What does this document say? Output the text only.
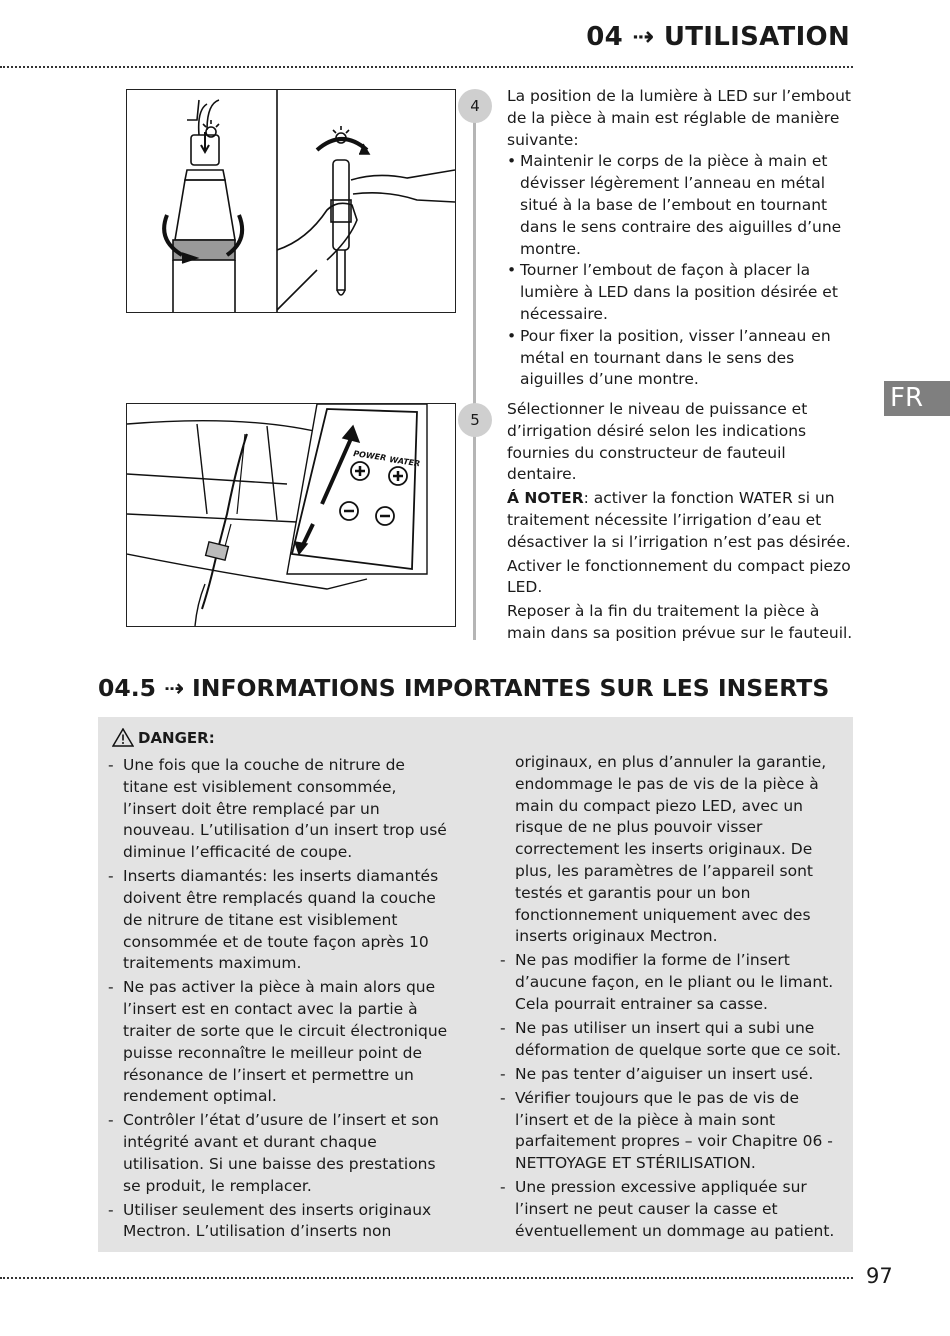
04 ⇢ UTILISATION
FR
POWER WATER
4
5

La position de la lumière à LED sur l’embout de la pièce à main est réglable de manière suivante:

• Maintenir le corps de la pièce à main et dévisser légèrement l’anneau en métal situé à la base de l’embout en tournant dans le sens contraire des aiguilles d’une montre.
• Tourner l’embout de façon à placer la lumière à LED dans la position désirée et nécessaire.
• Pour fixer la position, visser l’anneau en métal en tournant dans le sens des aiguilles d’une montre.

Sélectionner le niveau de puissance et d’irrigation désiré selon les indications fournies du constructeur de fauteuil dentaire.

Á NOTER: activer la fonction WATER si un traitement nécessite l’irrigation d’eau et désactiver la si l’irrigation n’est pas désirée.

Activer le fonctionnement du compact piezo LED.

Reposer à la fin du traitement la pièce à main dans sa position prévue sur le fauteuil.

04.5 ⇢ INFORMATIONS IMPORTANTES SUR LES INSERTS
DANGER:
- Une fois que la couche de nitrure de titane est visiblement consommée, l’insert doit être remplacé par un nouveau. L’utilisation d’un insert trop usé diminue l’efficacité de coupe.
- Inserts diamantés: les inserts diamantés doivent être remplacés quand la couche de nitrure de titane est visiblement consommée et de toute façon après 10 traitements maximum.
- Ne pas activer la pièce à main alors que l’insert est en contact avec la partie à traiter de sorte que le circuit électronique puisse reconnaître le meilleur point de résonance de l’insert et permettre un rendement optimal.
- Contrôler l’état d’usure de l’insert et son intégrité avant et durant chaque utilisation. Si une baisse des prestations se produit, le remplacer.
- Utiliser seulement des inserts originaux Mectron. L’utilisation d’inserts non
originaux, en plus d’annuler la garantie, endommage le pas de vis de la pièce à main du compact piezo LED, avec un risque de ne plus pouvoir visser correctement les inserts originaux. De plus, les paramètres de l’appareil sont testés et garantis pour un bon fonctionnement uniquement avec des inserts originaux Mectron.
- Ne pas modifier la forme de l’insert d’aucune façon, en le pliant ou le limant. Cela pourrait entrainer sa casse.
- Ne pas utiliser un insert qui a subi une déformation de quelque sorte que ce soit.
- Ne pas tenter d’aiguiser un insert usé.
- Vérifier toujours que le pas de vis de l’insert et de la pièce à main sont parfaitement propres – voir Chapitre 06 - NETTOYAGE ET STÉRILISATION.
- Une pression excessive appliquée sur l’insert ne peut causer la casse et éventuellement un dommage au patient.
97
